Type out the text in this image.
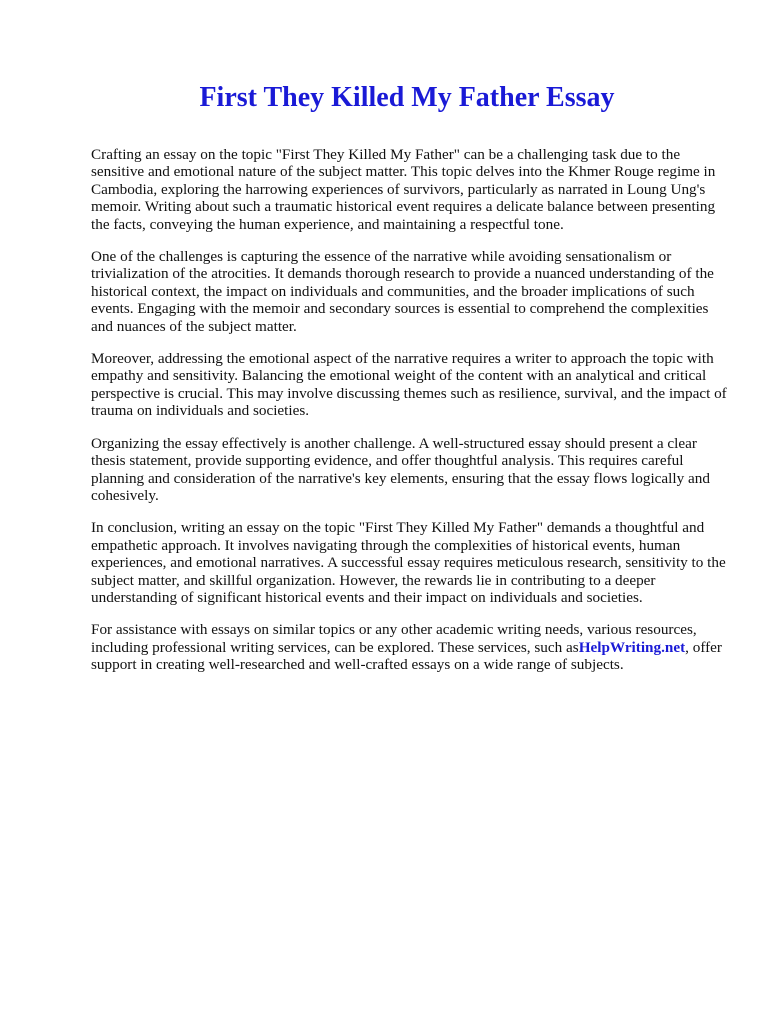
First They Killed My Father Essay

Crafting an essay on the topic "First They Killed My Father" can be a challenging task due to the sensitive and emotional nature of the subject matter. This topic delves into the Khmer Rouge regime in Cambodia, exploring the harrowing experiences of survivors, particularly as narrated in Loung Ung's memoir. Writing about such a traumatic historical event requires a delicate balance between presenting the facts, conveying the human experience, and maintaining a respectful tone.

One of the challenges is capturing the essence of the narrative while avoiding sensationalism or trivialization of the atrocities. It demands thorough research to provide a nuanced understanding of the historical context, the impact on individuals and communities, and the broader implications of such events. Engaging with the memoir and secondary sources is essential to comprehend the complexities and nuances of the subject matter.

Moreover, addressing the emotional aspect of the narrative requires a writer to approach the topic with empathy and sensitivity. Balancing the emotional weight of the content with an analytical and critical perspective is crucial. This may involve discussing themes such as resilience, survival, and the impact of trauma on individuals and societies.

Organizing the essay effectively is another challenge. A well-structured essay should present a clear thesis statement, provide supporting evidence, and offer thoughtful analysis. This requires careful planning and consideration of the narrative's key elements, ensuring that the essay flows logically and cohesively.

In conclusion, writing an essay on the topic "First They Killed My Father" demands a thoughtful and empathetic approach. It involves navigating through the complexities of historical events, human experiences, and emotional narratives. A successful essay requires meticulous research, sensitivity to the subject matter, and skillful organization. However, the rewards lie in contributing to a deeper understanding of significant historical events and their impact on individuals and societies.

For assistance with essays on similar topics or any other academic writing needs, various resources, including professional writing services, can be explored. These services, such asHelpWriting.net, offer support in creating well-researched and well-crafted essays on a wide range of subjects.
